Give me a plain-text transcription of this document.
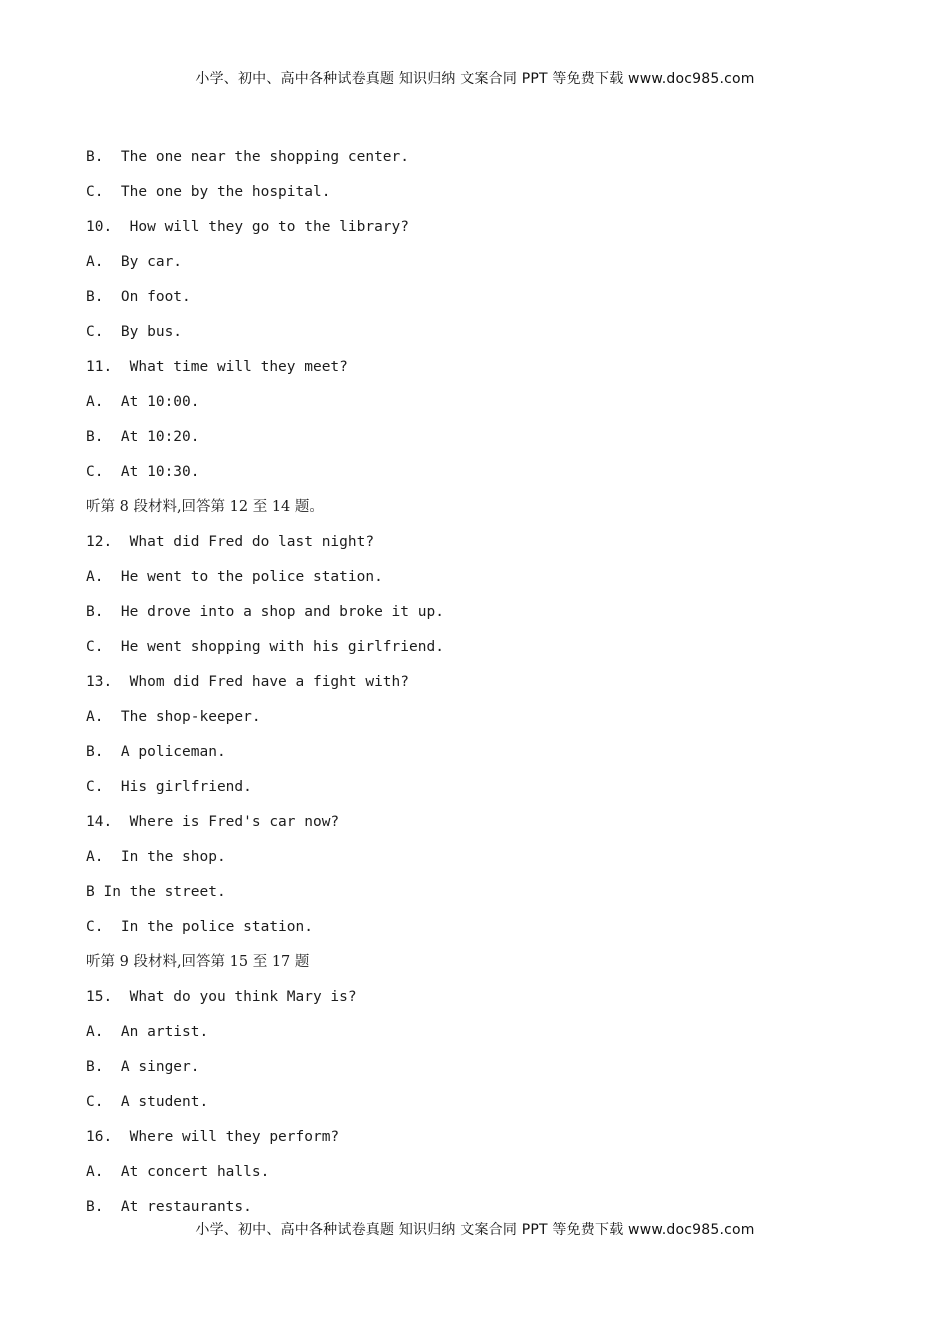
小学、初中、高中各种试卷真题 知识归纳 文案合同 PPT 等免费下载 www.doc985.com
B.  The one near the shopping center.
C.  The one by the hospital.
10.  How will they go to the library?
A.  By car.
B.  On foot.
C.  By bus.
11.  What time will they meet?
A.  At 10:00.
B.  At 10:20.
C.  At 10:30.
听第 8 段材料,回答第 12 至 14 题。
12.  What did Fred do last night?
A.  He went to the police station.
B.  He drove into a shop and broke it up.
C.  He went shopping with his girlfriend.
13.  Whom did Fred have a fight with?
A.  The shop-keeper.
B.  A policeman.
C.  His girlfriend.
14.  Where is Fred's car now?
A.  In the shop.
B In the street.
C.  In the police station.
听第 9 段材料,回答第 15 至 17 题
15.  What do you think Mary is?
A.  An artist.
B.  A singer.
C.  A student.
16.  Where will they perform?
A.  At concert halls.
B.  At restaurants.
小学、初中、高中各种试卷真题 知识归纳 文案合同 PPT 等免费下载 www.doc985.com
